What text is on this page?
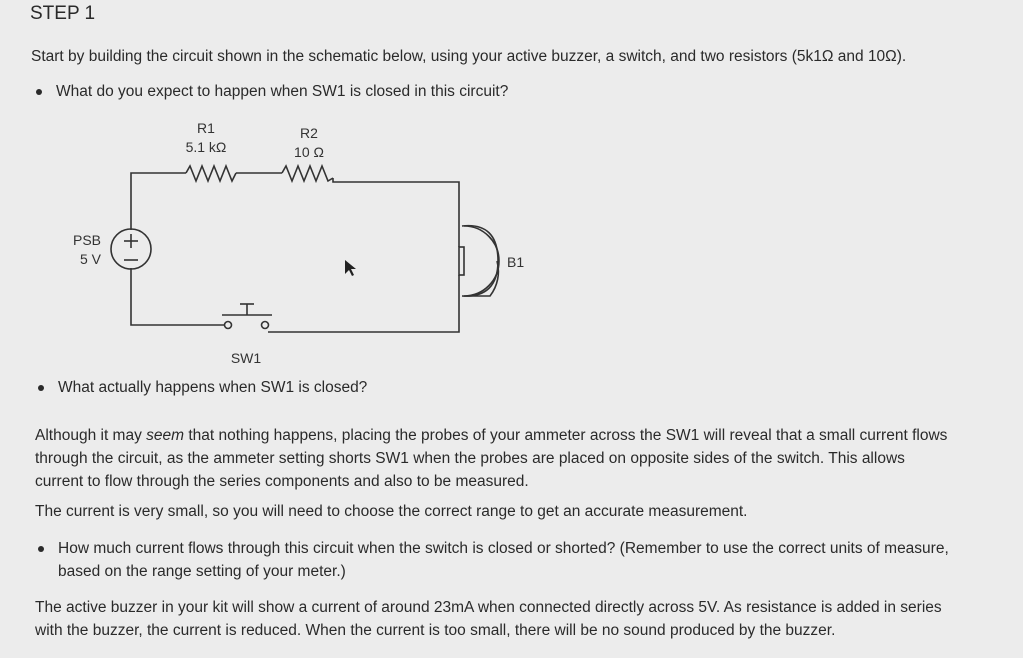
STEP 1
Start by building the circuit shown in the schematic below, using your active buzzer, a switch, and two resistors (5k1Ω and 10Ω).
What do you expect to happen when SW1 is closed in this circuit?
R1
5.1 kΩ
R2
10 Ω
PSB
5 V	B1
SW1
What actually happens when SW1 is closed?
Although it may seem that nothing happens, placing the probes of your ammeter across the SW1 will reveal that a small current flows
through the circuit, as the ammeter setting shorts SW1 when the probes are placed on opposite sides of the switch. This allows
current to flow through the series components and also to be measured.
The current is very small, so you will need to choose the correct range to get an accurate measurement.
How much current flows through this circuit when the switch is closed or shorted? (Remember to use the correct units of measure,
based on the range setting of your meter.)
The active buzzer in your kit will show a current of around 23mA when connected directly across 5V. As resistance is added in series
with the buzzer, the current is reduced. When the current is too small, there will be no sound produced by the buzzer.
